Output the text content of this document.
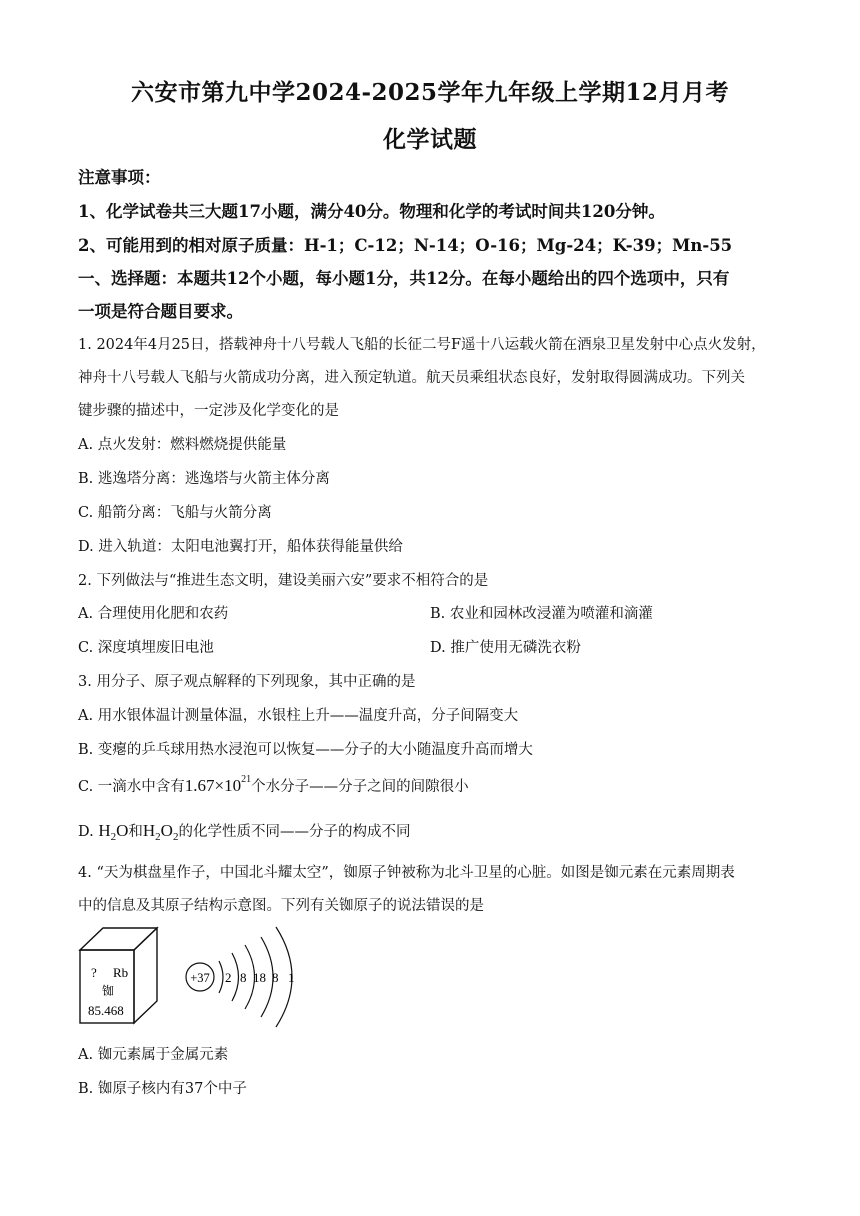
六安市第九中学2024-2025学年九年级上学期12月月考
化学试题
注意事项：
1、化学试卷共三大题17小题，满分40分。物理和化学的考试时间共120分钟。
2、可能用到的相对原子质量：H-1；C-12；N-14；O-16；Mg-24；K-39；Mn-55
一、选择题：本题共12个小题，每小题1分，共12分。在每小题给出的四个选项中，只有
一项是符合题目要求。
1. 2024年4月25日，搭载神舟十八号载人飞船的长征二号F遥十八运载火箭在酒泉卫星发射中心点火发射，
神舟十八号载人飞船与火箭成功分离，进入预定轨道。航天员乘组状态良好，发射取得圆满成功。下列关
键步骤的描述中，一定涉及化学变化的是
A. 点火发射：燃料燃烧提供能量
B. 逃逸塔分离：逃逸塔与火箭主体分离
C. 船箭分离：飞船与火箭分离
D. 进入轨道：太阳电池翼打开，船体获得能量供给
2. 下列做法与“推进生态文明，建设美丽六安”要求不相符合的是
A. 合理使用化肥和农药	B. 农业和园林改浸灌为喷灌和滴灌
C. 深度填埋废旧电池	D. 推广使用无磷洗衣粉
3. 用分子、原子观点解释的下列现象，其中正确的是
A. 用水银体温计测量体温，水银柱上升——温度升高，分子间隔变大
B. 变瘪的乒乓球用热水浸泡可以恢复——分子的大小随温度升高而增大
C. 一滴水中含有$1.67\times 10^{21}$个水分子——分子之间的间隙很小
D. $H_2O$和$H_2O_2$的化学性质不同——分子的构成不同
4. “天为棋盘星作子，中国北斗耀太空”，铷原子钟被称为北斗卫星的心脏。如图是铷元素在元素周期表
中的信息及其原子结构示意图。下列有关铷原子的说法错误的是
? Rb
铷
85.468
+37 2 8 18 8 1
A. 铷元素属于金属元素
B. 铷原子核内有37个中子
